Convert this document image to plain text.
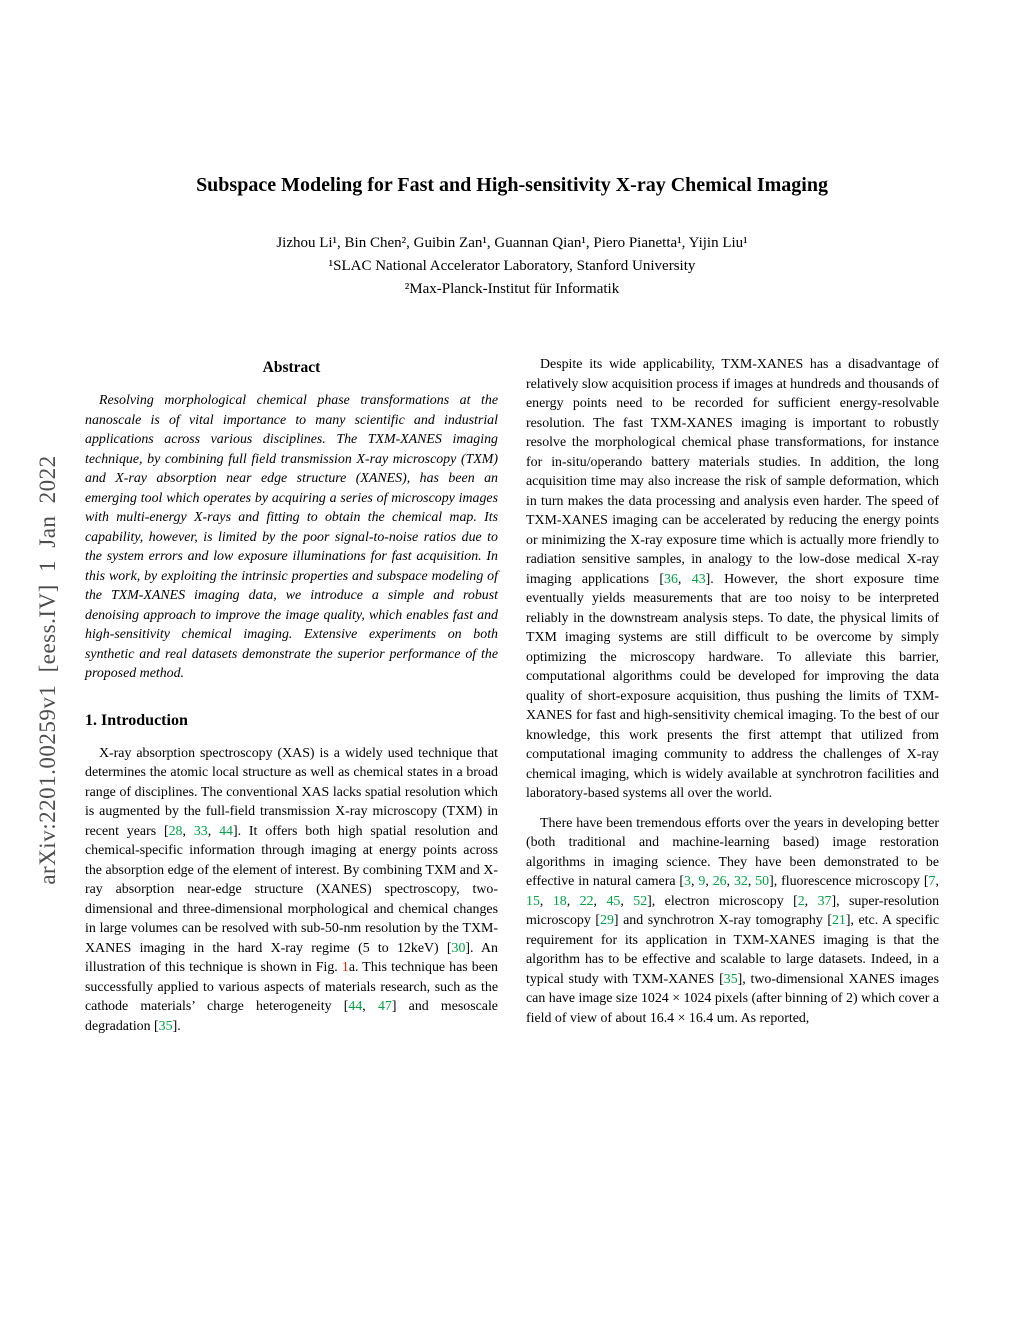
arXiv:2201.00259v1 [eess.IV] 1 Jan 2022
Subspace Modeling for Fast and High-sensitivity X-ray Chemical Imaging
Jizhou Li¹, Bin Chen², Guibin Zan¹, Guannan Qian¹, Piero Pianetta¹, Yijin Liu¹
¹SLAC National Accelerator Laboratory, Stanford University
²Max-Planck-Institut für Informatik
Abstract

Resolving morphological chemical phase transformations at the nanoscale is of vital importance to many scientific and industrial applications across various disciplines. The TXM-XANES imaging technique, by combining full field transmission X-ray microscopy (TXM) and X-ray absorption near edge structure (XANES), has been an emerging tool which operates by acquiring a series of microscopy images with multi-energy X-rays and fitting to obtain the chemical map. Its capability, however, is limited by the poor signal-to-noise ratios due to the system errors and low exposure illuminations for fast acquisition. In this work, by exploiting the intrinsic properties and subspace modeling of the TXM-XANES imaging data, we introduce a simple and robust denoising approach to improve the image quality, which enables fast and high-sensitivity chemical imaging. Extensive experiments on both synthetic and real datasets demonstrate the superior performance of the proposed method.

1. Introduction

X-ray absorption spectroscopy (XAS) is a widely used technique that determines the atomic local structure as well as chemical states in a broad range of disciplines. The conventional XAS lacks spatial resolution which is augmented by the full-field transmission X-ray microscopy (TXM) in recent years [28, 33, 44]. It offers both high spatial resolution and chemical-specific information through imaging at energy points across the absorption edge of the element of interest. By combining TXM and X-ray absorption near-edge structure (XANES) spectroscopy, two-dimensional and three-dimensional morphological and chemical changes in large volumes can be resolved with sub-50-nm resolution by the TXM-XANES imaging in the hard X-ray regime (5 to 12keV) [30]. An illustration of this technique is shown in Fig. 1a. This technique has been successfully applied to various aspects of materials research, such as the cathode materials’ charge heterogeneity [44, 47] and mesoscale degradation [35].

Despite its wide applicability, TXM-XANES has a disadvantage of relatively slow acquisition process if images at hundreds and thousands of energy points need to be recorded for sufficient energy-resolvable resolution. The fast TXM-XANES imaging is important to robustly resolve the morphological chemical phase transformations, for instance for in-situ/operando battery materials studies. In addition, the long acquisition time may also increase the risk of sample deformation, which in turn makes the data processing and analysis even harder. The speed of TXM-XANES imaging can be accelerated by reducing the energy points or minimizing the X-ray exposure time which is actually more friendly to radiation sensitive samples, in analogy to the low-dose medical X-ray imaging applications [36, 43]. However, the short exposure time eventually yields measurements that are too noisy to be interpreted reliably in the downstream analysis steps. To date, the physical limits of TXM imaging systems are still difficult to be overcome by simply optimizing the microscopy hardware. To alleviate this barrier, computational algorithms could be developed for improving the data quality of short-exposure acquisition, thus pushing the limits of TXM-XANES for fast and high-sensitivity chemical imaging. To the best of our knowledge, this work presents the first attempt that utilized from computational imaging community to address the challenges of X-ray chemical imaging, which is widely available at synchrotron facilities and laboratory-based systems all over the world.

There have been tremendous efforts over the years in developing better (both traditional and machine-learning based) image restoration algorithms in imaging science. They have been demonstrated to be effective in natural camera [3, 9, 26, 32, 50], fluorescence microscopy [7, 15, 18, 22, 45, 52], electron microscopy [2, 37], super-resolution microscopy [29] and synchrotron X-ray tomography [21], etc. A specific requirement for its application in TXM-XANES imaging is that the algorithm has to be effective and scalable to large datasets. Indeed, in a typical study with TXM-XANES [35], two-dimensional XANES images can have image size 1024 × 1024 pixels (after binning of 2) which cover a field of view of about 16.4 × 16.4 um. As reported,
